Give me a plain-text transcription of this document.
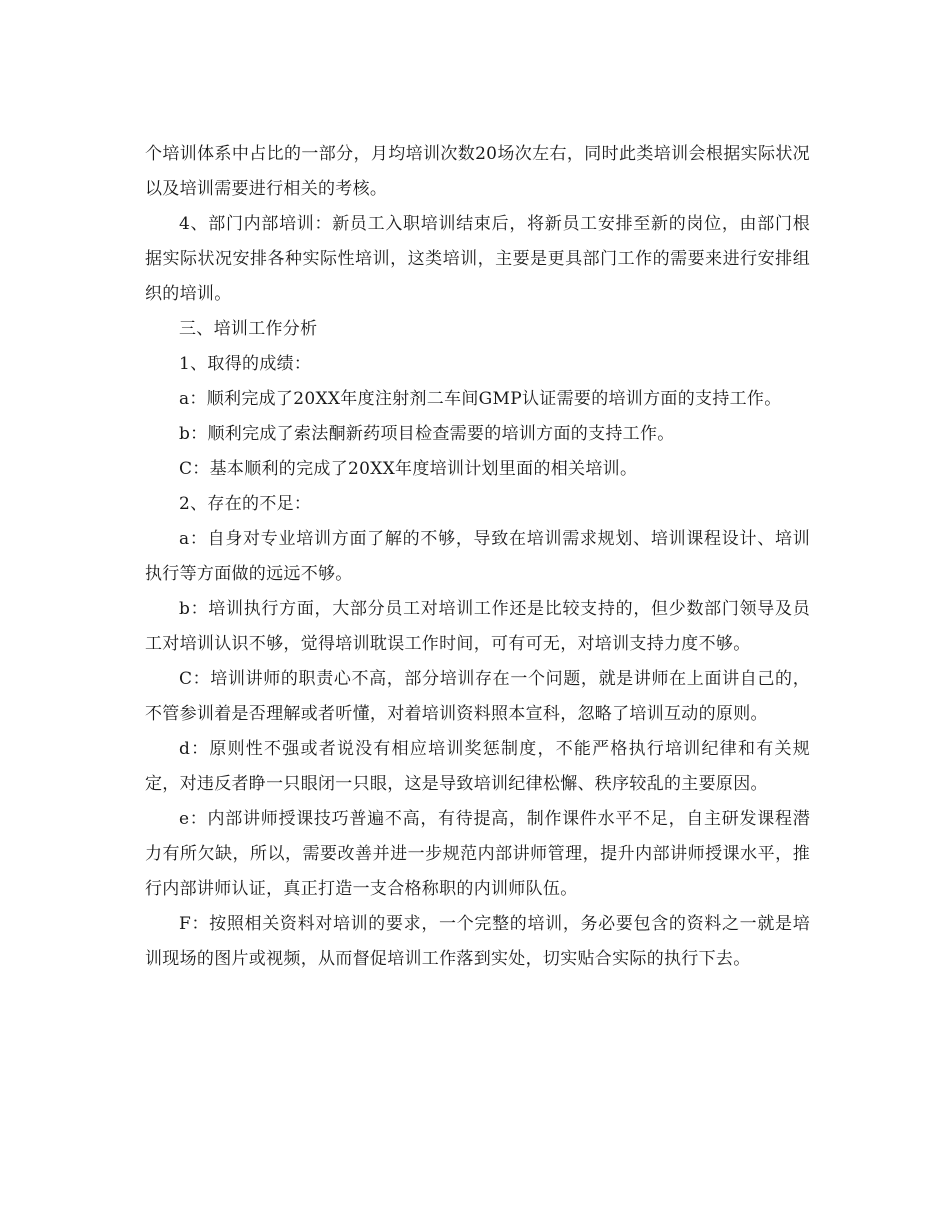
个培训体系中占比的一部分，月均培训次数20场次左右，同时此类培训会根据实际状况以及培训需要进行相关的考核。

4、部门内部培训：新员工入职培训结束后，将新员工安排至新的岗位，由部门根据实际状况安排各种实际性培训，这类培训，主要是更具部门工作的需要来进行安排组织的培训。

三、培训工作分析

1、取得的成绩：

a：顺利完成了20XX年度注射剂二车间GMP认证需要的培训方面的支持工作。

b：顺利完成了索法酮新药项目检查需要的培训方面的支持工作。

C：基本顺利的完成了20XX年度培训计划里面的相关培训。

2、存在的不足：

a：自身对专业培训方面了解的不够，导致在培训需求规划、培训课程设计、培训执行等方面做的远远不够。

b：培训执行方面，大部分员工对培训工作还是比较支持的，但少数部门领导及员工对培训认识不够，觉得培训耽误工作时间，可有可无，对培训支持力度不够。

C：培训讲师的职责心不高，部分培训存在一个问题，就是讲师在上面讲自己的，不管参训着是否理解或者听懂，对着培训资料照本宣科，忽略了培训互动的原则。

d：原则性不强或者说没有相应培训奖惩制度，不能严格执行培训纪律和有关规定，对违反者睁一只眼闭一只眼，这是导致培训纪律松懈、秩序较乱的主要原因。

e：内部讲师授课技巧普遍不高，有待提高，制作课件水平不足，自主研发课程潜力有所欠缺，所以，需要改善并进一步规范内部讲师管理，提升内部讲师授课水平，推行内部讲师认证，真正打造一支合格称职的内训师队伍。

F：按照相关资料对培训的要求，一个完整的培训，务必要包含的资料之一就是培训现场的图片或视频，从而督促培训工作落到实处，切实贴合实际的执行下去。
